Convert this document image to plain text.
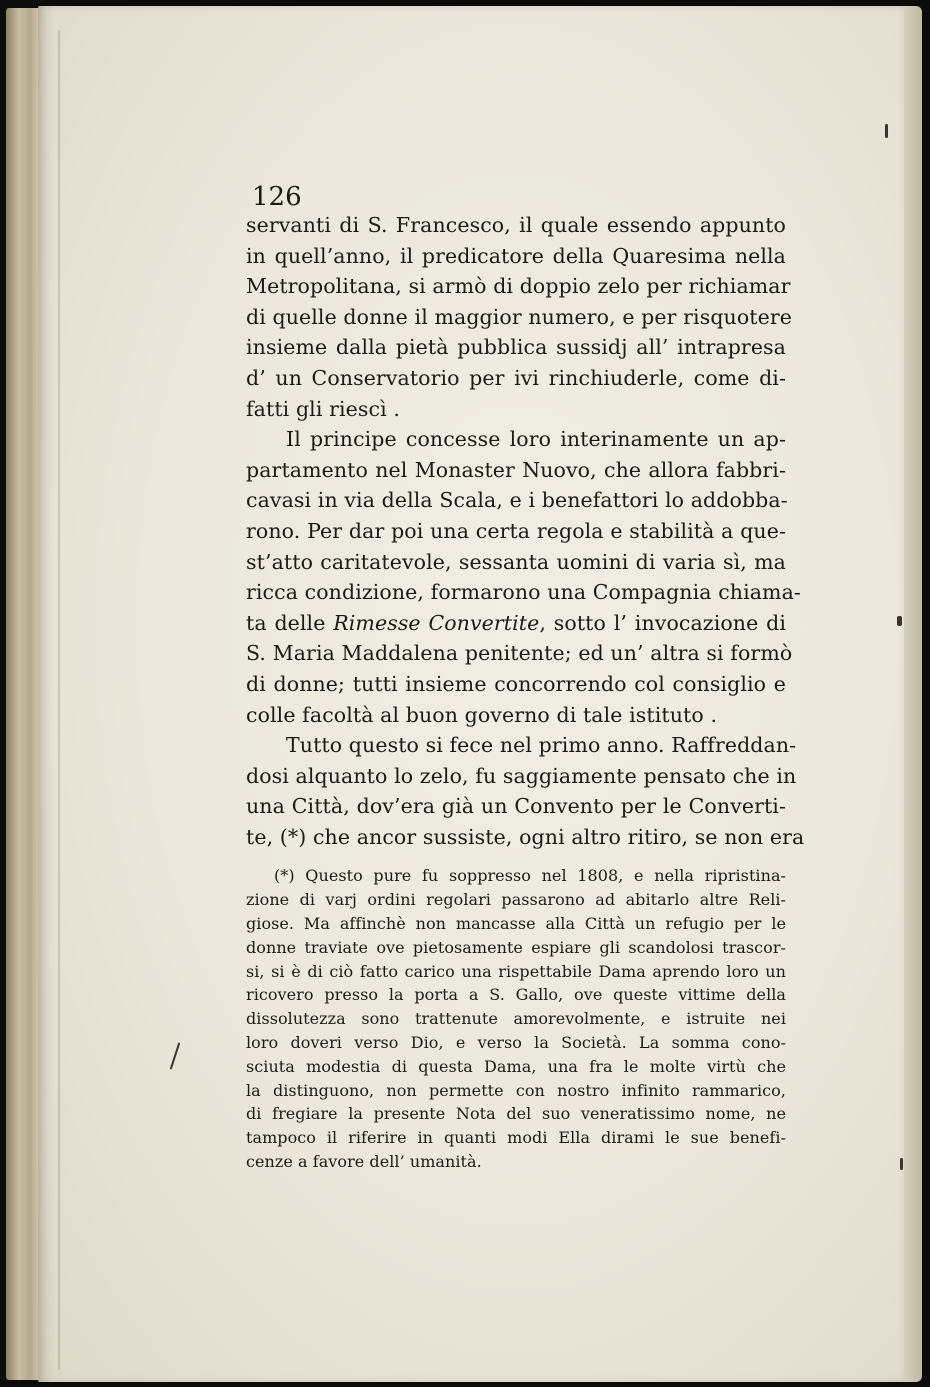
126
servanti di S. Francesco, il quale essendo appunto
in quell’anno, il predicatore della Quaresima nella
Metropolitana, si armò di doppio zelo per richiamar
di quelle donne il maggior numero, e per risquotere
insieme dalla pietà pubblica sussidj all’ intrapresa
d’ un Conservatorio per ivi rinchiuderle, come di-
fatti gli riescì .
Il principe concesse loro interinamente un ap-
partamento nel Monaster Nuovo, che allora fabbri-
cavasi in via della Scala, e i benefattori lo addobba-
rono. Per dar poi una certa regola e stabilità a que-
st’atto caritatevole, sessanta uomini di varia sì, ma
ricca condizione, formarono una Compagnia chiama-
ta delle Rimesse Convertite, sotto l’ invocazione di
S. Maria Maddalena penitente; ed un’ altra si formò
di donne; tutti insieme concorrendo col consiglio e
colle facoltà al buon governo di tale istituto .
Tutto questo si fece nel primo anno. Raffreddan-
dosi alquanto lo zelo, fu saggiamente pensato che in
una Città, dov’era già un Convento per le Converti-
te, (*) che ancor sussiste, ogni altro ritiro, se non era
(*) Questo pure fu soppresso nel 1808, e nella ripristina-
zione di varj ordini regolari passarono ad abitarlo altre Reli-
giose. Ma affinchè non mancasse alla Città un refugio per le
donne traviate ove pietosamente espiare gli scandolosi trascor-
si, si è di ciò fatto carico una rispettabile Dama aprendo loro un
ricovero presso la porta a S. Gallo, ove queste vittime della
dissolutezza sono trattenute amorevolmente, e istruite nei
loro doveri verso Dio, e verso la Società. La somma cono-
sciuta modestia di questa Dama, una fra le molte virtù che
la distinguono, non permette con nostro infinito rammarico,
di fregiare la presente Nota del suo veneratissimo nome, ne
tampoco il riferire in quanti modi Ella dirami le sue benefi-
cenze a favore dell’ umanità.
